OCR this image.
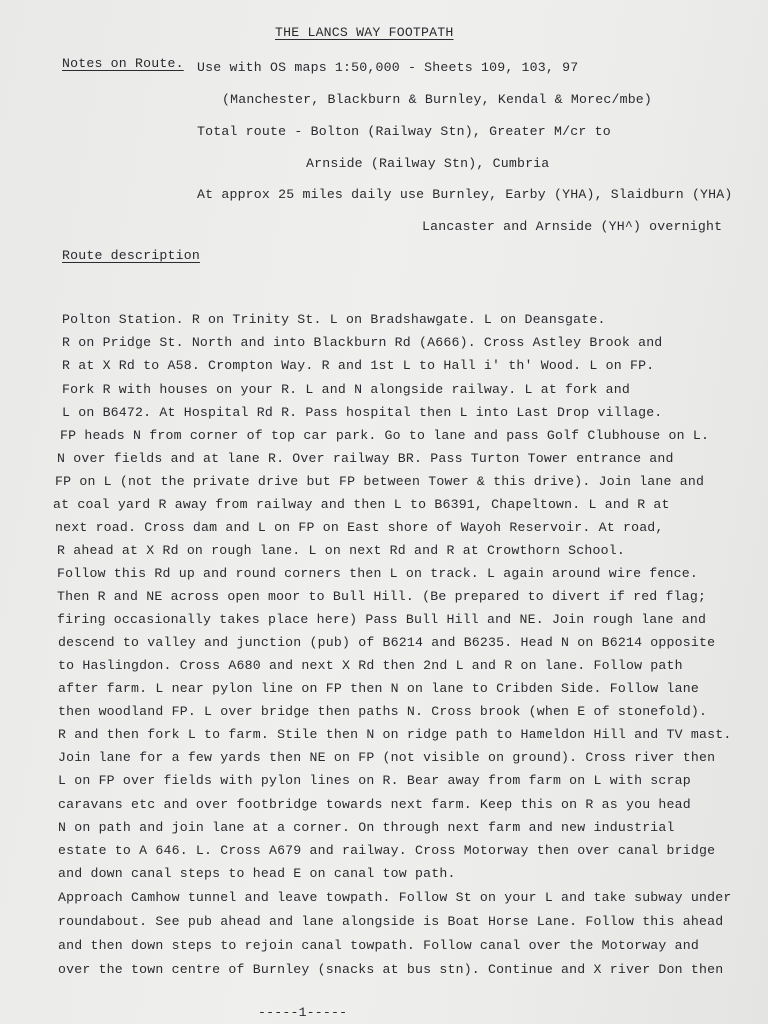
THE LANCS WAY FOOTPATH
Notes on Route. Use with OS maps 1:50,000 - Sheets 109, 103, 97
(Manchester, Blackburn & Burnley, Kendal & Morec/mbe)
Total route - Bolton (Railway Stn), Greater M/cr to
Arnside (Railway Stn), Cumbria
At approx 25 miles daily use Burnley, Earby (YHA), Slaidburn (YHA)
Lancaster and Arnside (YH^) overnight
Route description
Polton Station. R on Trinity St. L on Bradshawgate. L on Deansgate.
R on Pridge St. North and into Blackburn Rd (A666). Cross Astley Brook and
R at X Rd to A58. Crompton Way. R and 1st L to Hall i' th' Wood. L on FP.
Fork R with houses on your R. L and N alongside railway. L at fork and
L on B6472. At Hospital Rd R. Pass hospital then L into Last Drop village.
FP heads N from corner of top car park. Go to lane and pass Golf Clubhouse on L.
N over fields and at lane R. Over railway BR. Pass Turton Tower entrance and
FP on L (not the private drive but FP between Tower & this drive). Join lane and
at coal yard R away from railway and then L to B6391, Chapeltown. L and R at
next road. Cross dam and L on FP on East shore of Wayoh Reservoir. At road,
R ahead at X Rd on rough lane. L on next Rd and R at Crowthorn School.
Follow this Rd up and round corners then L on track. L again around wire fence.
Then R and NE across open moor to Bull Hill. (Be prepared to divert if red flag;
firing occasionally takes place here) Pass Bull Hill and NE. Join rough lane and
descend to valley and junction (pub) of B6214 and B6235. Head N on B6214 opposite
to Haslingdon. Cross A680 and next X Rd then 2nd L and R on lane. Follow path
after farm. L near pylon line on FP then N on lane to Cribden Side. Follow lane
then woodland FP. L over bridge then paths N. Cross brook (when E of stonefold).
R and then fork L to farm. Stile then N on ridge path to Hameldon Hill and TV mast.
Join lane for a few yards then NE on FP (not visible on ground). Cross river then
L on FP over fields with pylon lines on R. Bear away from farm on L with scrap
caravans etc and over footbridge towards next farm. Keep this on R as you head
N on path and join lane at a corner. On through next farm and new industrial
estate to A 646. L. Cross A679 and railway. Cross Motorway then over canal bridge
and down canal steps to head E on canal tow path.
Approach Camhow tunnel and leave towpath. Follow St on your L and take subway under
roundabout. See pub ahead and lane alongside is Boat Horse Lane. Follow this ahead
and then down steps to rejoin canal towpath. Follow canal over the Motorway and
over the town centre of Burnley (snacks at bus stn). Continue and X river Don then
-----1-----
